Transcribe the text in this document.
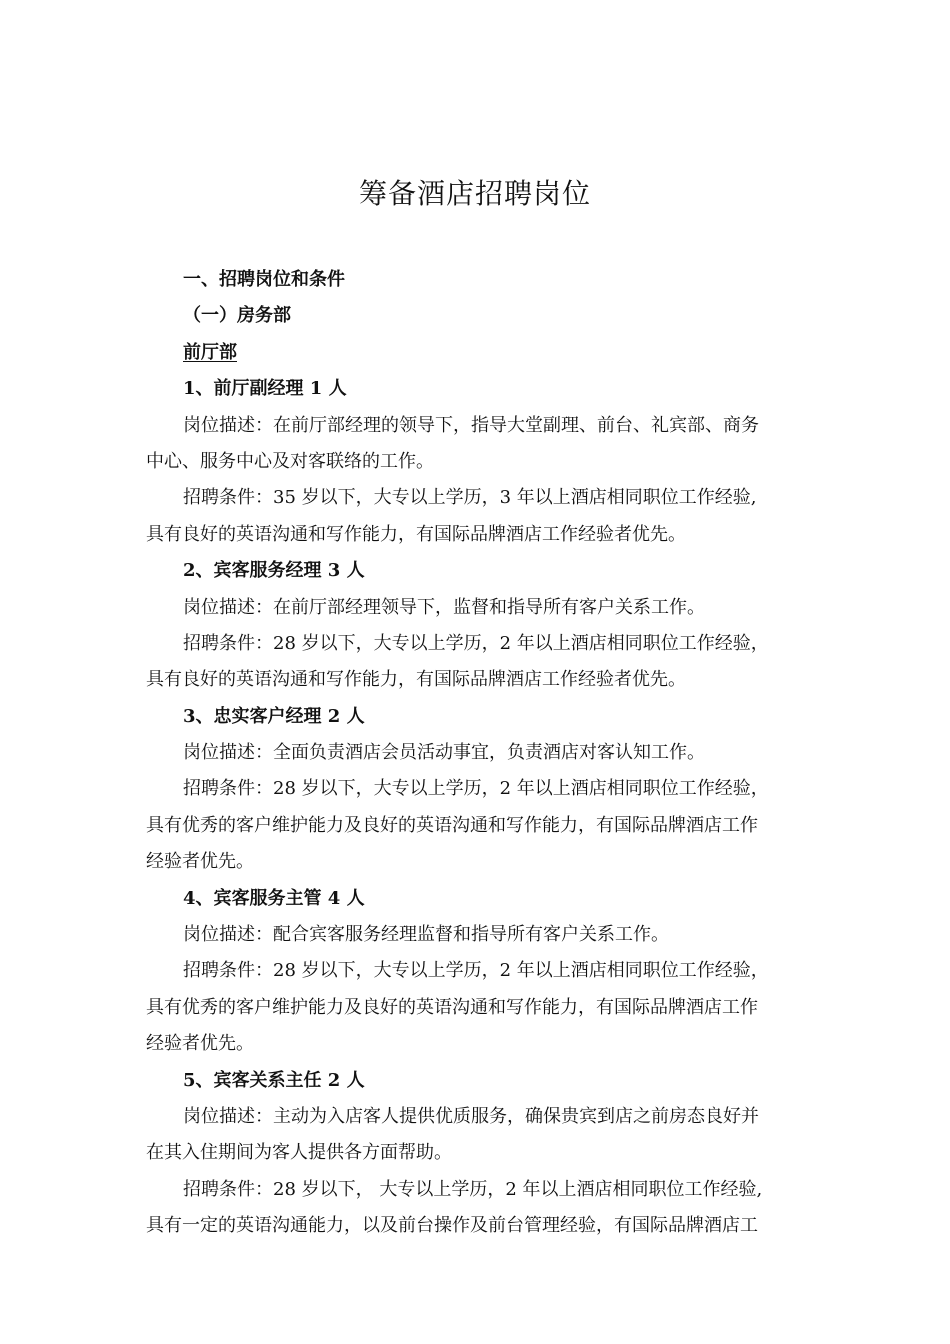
筹备酒店招聘岗位
一、招聘岗位和条件
（一）房务部
前厅部
1、前厅副经理 1 人
岗位描述：在前厅部经理的领导下，指导大堂副理、前台、礼宾部、商务
中心、服务中心及对客联络的工作。
招聘条件：35 岁以下，大专以上学历，3 年以上酒店相同职位工作经验,
具有良好的英语沟通和写作能力，有国际品牌酒店工作经验者优先。
2、宾客服务经理 3 人
岗位描述：在前厅部经理领导下，监督和指导所有客户关系工作。
招聘条件：28 岁以下，大专以上学历，2 年以上酒店相同职位工作经验，
具有良好的英语沟通和写作能力，有国际品牌酒店工作经验者优先。
3、忠实客户经理 2 人
岗位描述：全面负责酒店会员活动事宜，负责酒店对客认知工作。
招聘条件：28 岁以下，大专以上学历，2 年以上酒店相同职位工作经验，
具有优秀的客户维护能力及良好的英语沟通和写作能力，有国际品牌酒店工作
经验者优先。
4、宾客服务主管 4 人
岗位描述：配合宾客服务经理监督和指导所有客户关系工作。
招聘条件：28 岁以下，大专以上学历，2 年以上酒店相同职位工作经验，
具有优秀的客户维护能力及良好的英语沟通和写作能力，有国际品牌酒店工作
经验者优先。
5、宾客关系主任 2 人
岗位描述：主动为入店客人提供优质服务，确保贵宾到店之前房态良好并
在其入住期间为客人提供各方面帮助。
招聘条件：28 岁以下， 大专以上学历，2 年以上酒店相同职位工作经验,
具有一定的英语沟通能力，以及前台操作及前台管理经验，有国际品牌酒店工
